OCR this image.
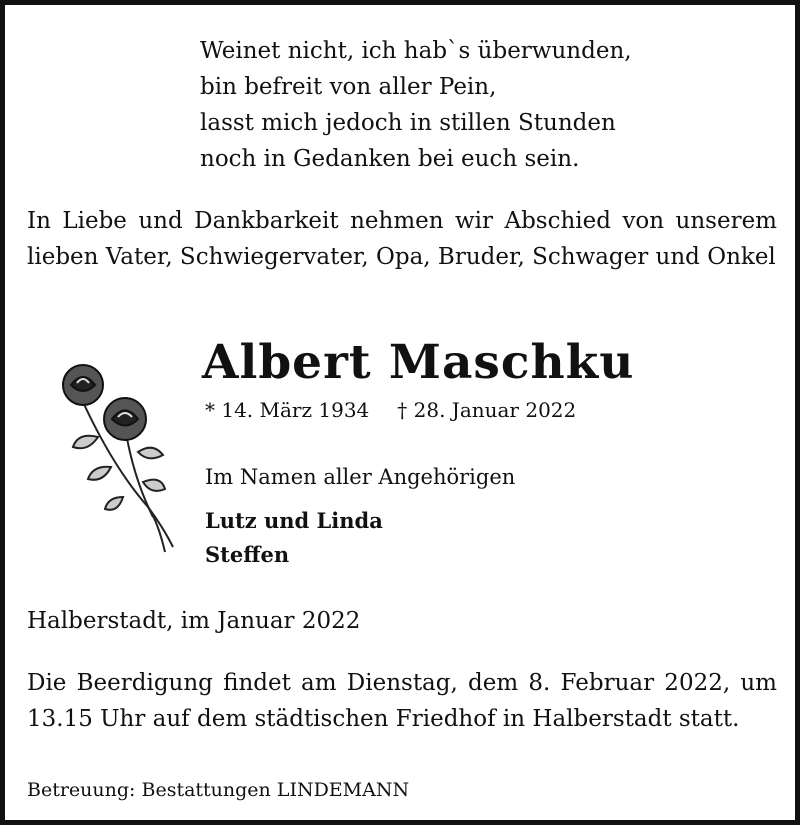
Weinet nicht, ich hab`s überwunden,
bin befreit von aller Pein,
lasst mich jedoch in stillen Stunden
noch in Gedanken bei euch sein.
In Liebe und Dankbarkeit nehmen wir Abschied von unserem lieben Vater, Schwiegervater, Opa, Bruder, Schwager und Onkel
Albert Maschku
* 14. März 1934 † 28. Januar 2022
Im Namen aller Angehörigen
Lutz und Linda
Steffen
Halberstadt, im Januar 2022
Die Beerdigung findet am Dienstag, dem 8. Februar 2022, um 13.15 Uhr auf dem städtischen Friedhof in Halberstadt statt.
Betreuung: Bestattungen LINDEMANN
